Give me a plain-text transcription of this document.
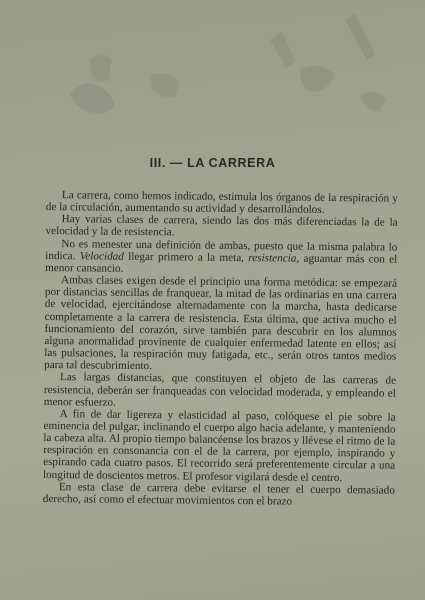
III. — LA CARRERA

La carrera, como hemos indicado, estimula los órganos de la respiración y de la circulación, aumentando su actividad y desarrollándolos.

Hay varias clases de carrera, siendo las dos más diferenciadas la de la velocidad y la de resistencia.

No es menester una definición de ambas, puesto que la misma palabra lo indica. Velocidad llegar primero a la meta, resistencia, aguantar más con el menor cansancio.

Ambas clases exigen desde el principio una forma metódica: se empezará por distancias sencillas de franquear, la mitad de las ordinarias en una carrera de velocidad, ejercitándose alternadamente con la marcha, hasta dedicarse completamente a la carrera de resistencia. Esta última, que activa mucho el funcionamiento del corazón, sirve también para descubrir en los alumnos alguna anormalidad provinente de cualquier enfermedad latente en ellos; así las pulsaciones, la respiración muy fatigada, etc., serán otros tantos medios para tal descubrimiento.

Las largas distancias, que constituyen el objeto de las carreras de resistencia, deberán ser franqueadas con velocidad moderada, y empleando el menor esfuerzo.

A fin de dar ligereza y elasticidad al paso, colóquese el pie sobre la eminencia del pulgar, inclinando el cuerpo algo hacia adelante, y manteniendo la cabeza alta. Al propio tiempo balancéense los brazos y llévese el ritmo de la respiración en consonancia con el de la carrera, por ejemplo, inspirando y espirando cada cuatro pasos. El recorrido será preferentemente circular a una longitud de doscientos metros. El profesor vigilará desde el centro.

En esta clase de carrera debe evitarse el tener el cuerpo demasiado derecho, así como el efectuar movimientos con el brazo
